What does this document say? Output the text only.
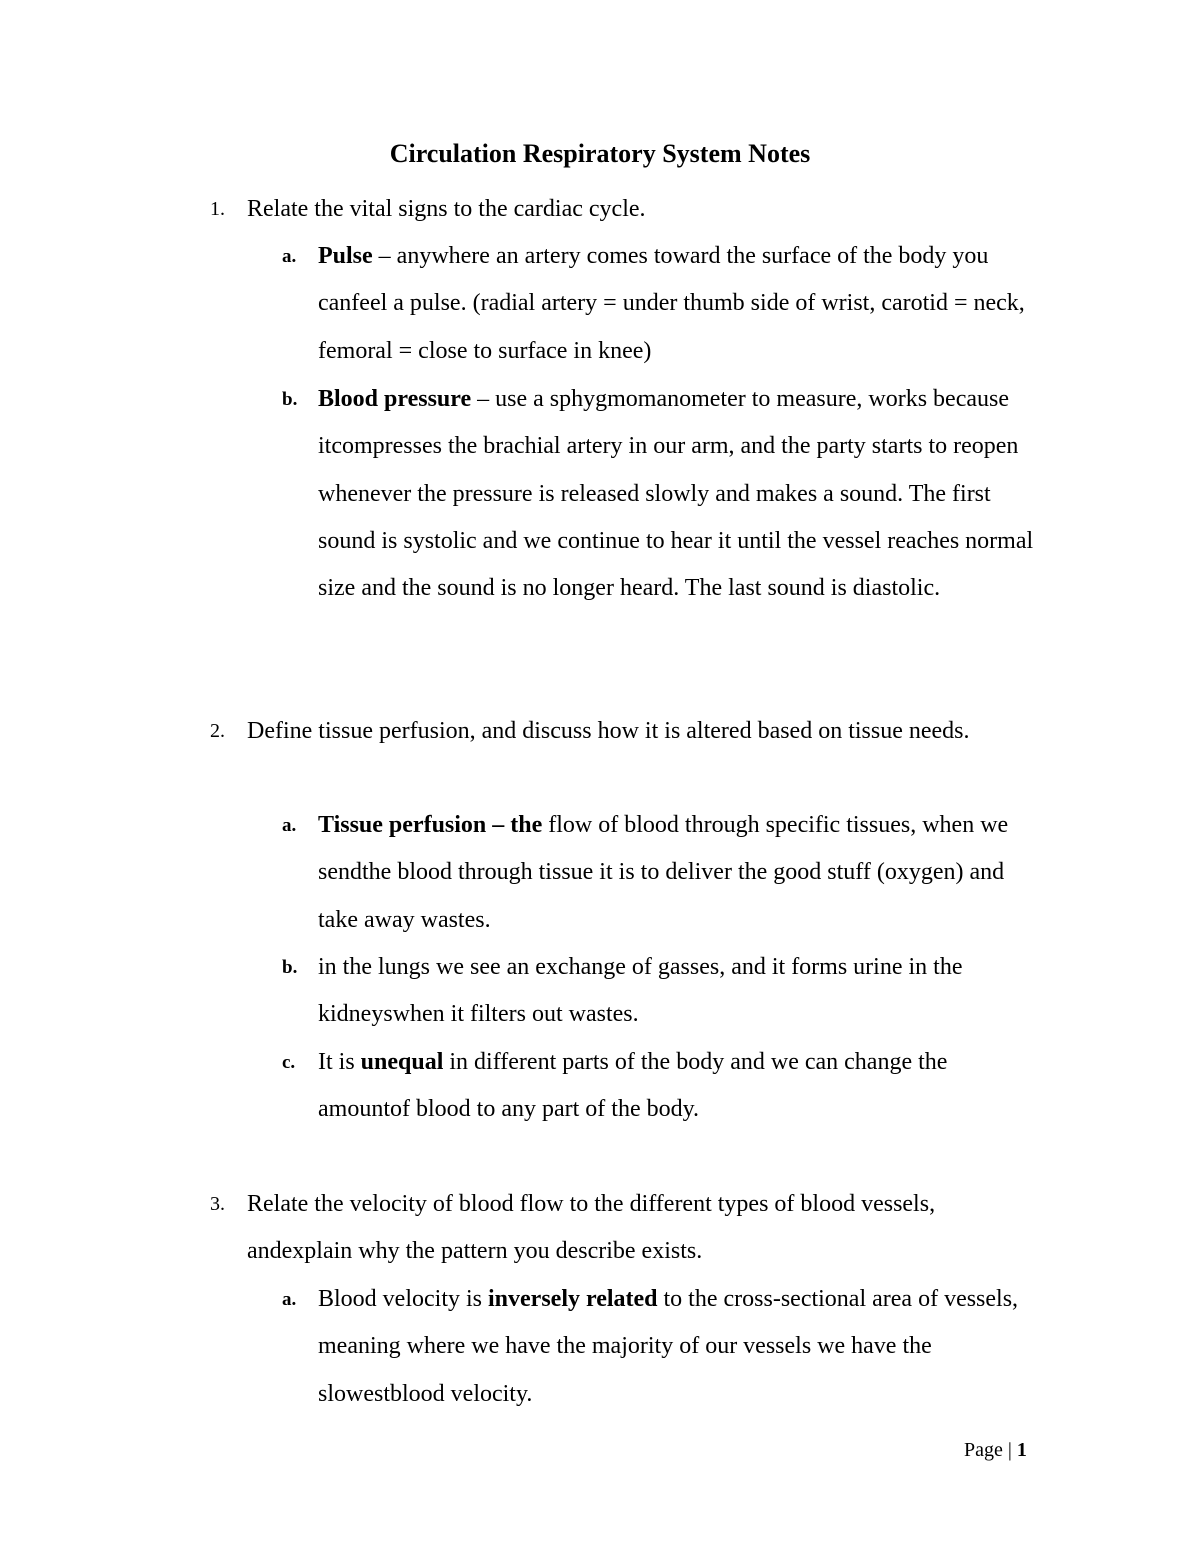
Circulation Respiratory System Notes
1. Relate the vital signs to the cardiac cycle.
a. Pulse – anywhere an artery comes toward the surface of the body you canfeel a pulse. (radial artery = under thumb side of wrist, carotid = neck, femoral = close to surface in knee)
b. Blood pressure – use a sphygmomanometer to measure, works because itcompresses the brachial artery in our arm, and the party starts to reopen whenever the pressure is released slowly and makes a sound. The first sound is systolic and we continue to hear it until the vessel reaches normal size and the sound is no longer heard. The last sound is diastolic.
2. Define tissue perfusion, and discuss how it is altered based on tissue needs.
a. Tissue perfusion – the flow of blood through specific tissues, when we sendthe blood through tissue it is to deliver the good stuff (oxygen) and take away wastes.
b. in the lungs we see an exchange of gasses, and it forms urine in the kidneyswhen it filters out wastes.
c. It is unequal in different parts of the body and we can change the amountof blood to any part of the body.
3. Relate the velocity of blood flow to the different types of blood vessels, andexplain why the pattern you describe exists.
a. Blood velocity is inversely related to the cross-sectional area of vessels, meaning where we have the majority of our vessels we have the slowestblood velocity.
Page | 1
